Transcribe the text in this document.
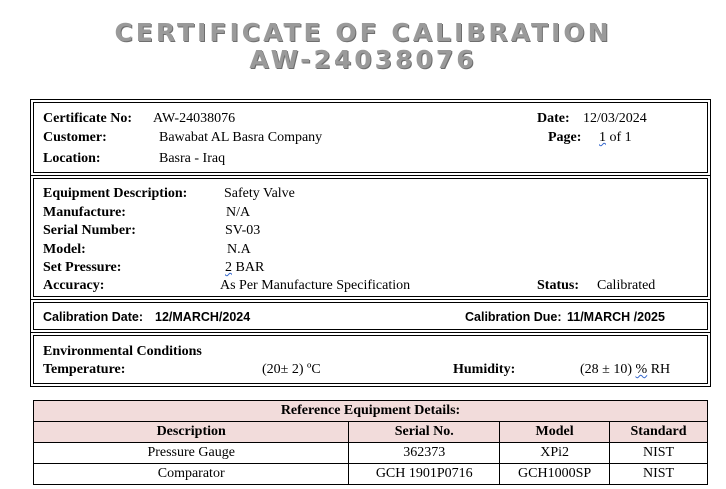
CERTIFICATE OF CALIBRATION
AW-24038076
Certificate No: AW-24038076	Date: 12/03/2024
Customer:	Bawabat AL Basra Company	Page: 1 of 1
Location:	Basra - Iraq
Equipment Description:	Safety Valve
Manufacture:	N/A
Serial Number:	SV-03
Model:	N.A
Set Pressure:	2 BAR
Accuracy:	As Per Manufacture Specification	Status: Calibrated
Calibration Date: 12/MARCH/2024	Calibration Due: 11/MARCH /2025
Environmental Conditions
Temperature:	(20± 2) ºC	Humidity:	(28 ± 10) % RH
Reference Equipment Details:			
Description	Serial No.	Model	Standard
Pressure Gauge	362373	XPi2	NIST
Comparator	GCH 1901P0716	GCH1000SP	NIST
